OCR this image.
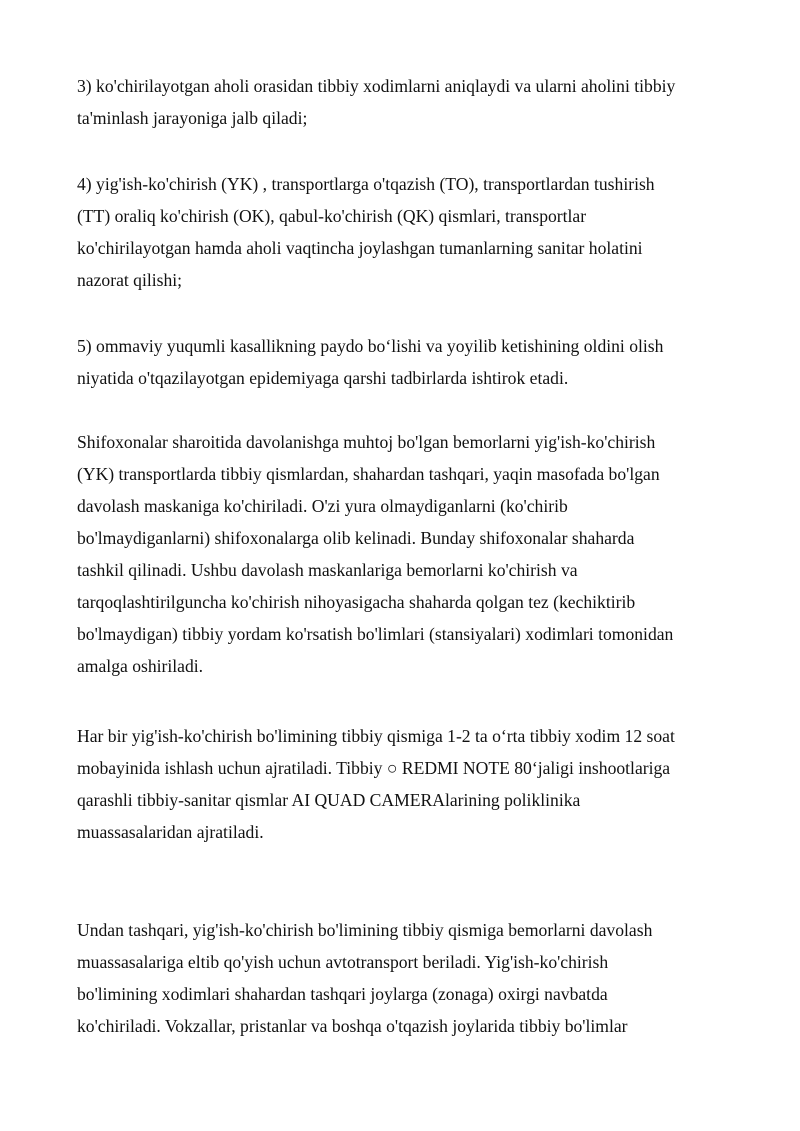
3) ko'chirilayotgan aholi orasidan tibbiy xodimlarni aniqlaydi va ularni aholini tibbiy
ta'minlash jarayoniga jalb qiladi;
4) yig'ish-ko'chirish (YK) , transportlarga o'tqazish (TO), transportlardan tushirish
(TT) oraliq ko'chirish (OK), qabul-ko'chirish (QK) qismlari, transportlar
ko'chirilayotgan hamda aholi vaqtincha joylashgan tumanlarning sanitar holatini
nazorat qilishi;
5) ommaviy yuqumli kasallikning paydo bo‘lishi va yoyilib ketishining oldini olish
niyatida o'tqazilayotgan epidemiyaga qarshi tadbirlarda ishtirok etadi.
Shifoxonalar sharoitida davolanishga muhtoj bo'lgan bemorlarni yig'ish-ko'chirish
(YK) transportlarda tibbiy qismlardan, shahardan tashqari, yaqin masofada bo'lgan
davolash maskaniga ko'chiriladi. O'zi yura olmaydiganlarni (ko'chirib
bo'lmaydiganlarni) shifoxonalarga olib kelinadi. Bunday shifoxonalar shaharda
tashkil qilinadi. Ushbu davolash maskanlariga bemorlarni ko'chirish va
tarqoqlashtirilguncha ko'chirish nihoyasigacha shaharda qolgan tez (kechiktirib
bo'lmaydigan) tibbiy yordam ko'rsatish bo'limlari (stansiyalari) xodimlari tomonidan
amalga oshiriladi.
Har bir yig'ish-ko'chirish bo'limining tibbiy qismiga 1-2 ta o‘rta tibbiy xodim 12 soat
mobayinida ishlash uchun ajratiladi. Tibbiy ○ REDMI NOTE 80‘jaligi inshootlariga
qarashli tibbiy-sanitar qismlar AI QUAD CAMERAlarining poliklinika
muassasalaridan ajratiladi.
Undan tashqari, yig'ish-ko'chirish bo'limining tibbiy qismiga bemorlarni davolash
muassasalariga eltib qo'yish uchun avtotransport beriladi. Yig'ish-ko'chirish
bo'limining xodimlari shahardan tashqari joylarga (zonaga) oxirgi navbatda
ko'chiriladi. Vokzallar, pristanlar va boshqa o'tqazish joylarida tibbiy bo'limlar
